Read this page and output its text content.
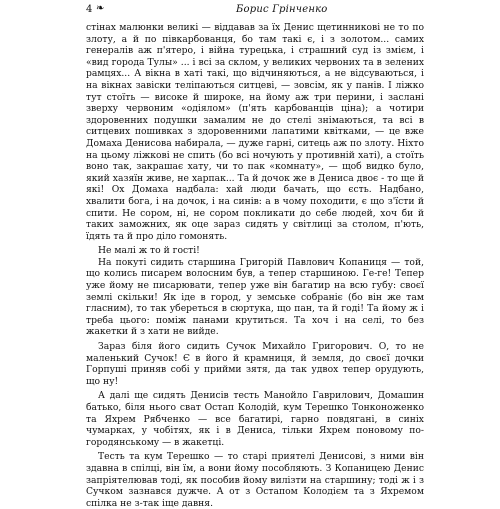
4 ❧	Борис Грінченко

стінах малюнки великі — віддавав за їх Денис щетинникові не то по злоту, а й по півкарбованця, бо там такі є, і з золотом... самих генералів аж п'ятеро, і війна турецька, і страшний суд із змієм, і «вид города Тулы» ... і всі за склом, у великих червоних та в зелених рамцях... А вікна в хаті такі, що відчиняються, а не відсуваються, і на вікнах завіски теліпаються ситцеві, — зовсім, як у панів. І ліжко тут стоїть — високе й широке, на йому аж три перини, і заслані зверху червоним «одіялом» (п'ять карбованців ціна); а чотири здоровенних подушки замалим не до стелі знімаються, та всі в ситцевих пошивках з здоровенними лапатими квітками, — це вже Домаха Денисова набирала, — дуже гарні, ситець аж по злоту. Ніхто на цьому ліжкові не спить (бо всі ночують у противній хаті), а стоїть воно так, закрашає хату, чи то пак «комнату», — щоб видко було, який хазяїн живе, не харпак... Та й дочок же в Дениса двоє - то ще й які! Ох Домаха надбала: хай люди бачать, що єсть. Надбано, хвалити бога, і на дочок, і на синів: а в чому походити, є що з'їсти й спити. Не сором, ні, не сором покликати до себе людей, хоч би й таких заможних, як оце зараз сидять у світлиці за столом, п'ють, їдять та й про діло гомонять.

Не малі ж то й гості!

На покуті сидить старшина Григорій Павлович Копаниця — той, що колись писарем волосним був, а тепер старшиною. Ге-ге! Тепер уже йому не писарювати, тепер уже він багатир на всю губу: своєї землі скільки! Як іде в город, у земське собраніє (бо він же там гласним), то так убереться в сюртука, що пан, та й годі! Та йому ж і треба цього: поміж панами крутиться. Та хоч і на селі, то без жакетки й з хати не вийде.

Зараз біля його сидить Сучок Михайло Григорович. О, то не маленький Сучок! Є в його й крамниця, й земля, до своєї дочки Горпуші приняв собі у прийми зятя, да так удвох тепер орудують, що ну!

А далі ще сидять Денисів тесть Манойло Гаврилович, Домашин батько, біля нього сват Остап Колодій, кум Терешко Тонконоженко та Яхрем Рябченко — все багатирі, гарно повдягані, в синіх чумарках, у чобітях, як і в Дениса, тільки Яхрем поновому по-городянськомy — в жакетці.

Тесть та кум Терешко — то старі приятелі Денисові, з ними він здавна в спілці, він їм, а вони йому пособляють. З Копаницею Денис запріятелював тоді, як пособив йому вилізти на старшину; тоді ж і з Сучком зазнався дужче. А от з Остапом Колодієм та з Яхремом спілка не з-так іще давня.
